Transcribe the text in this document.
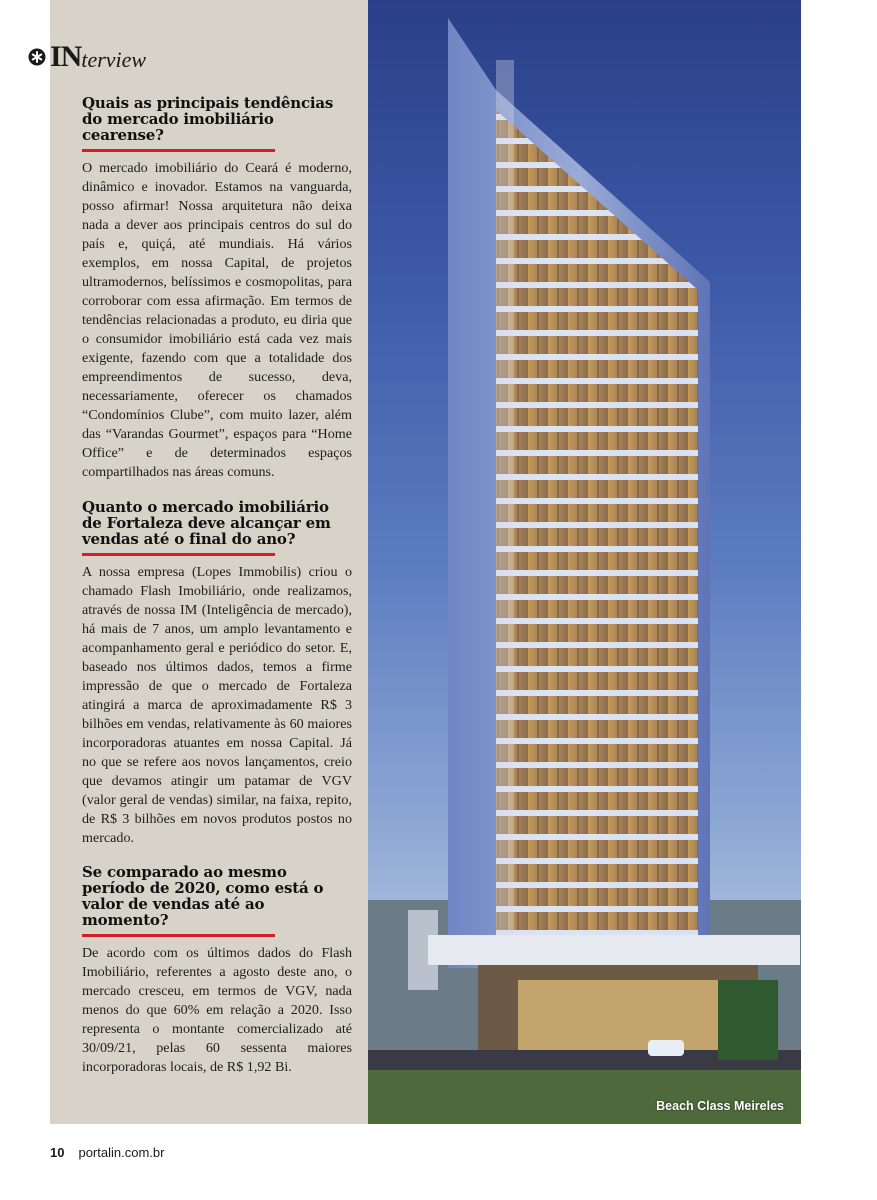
IN terview
Quais as principais tendências do mercado imobiliário cearense?

O mercado imobiliário do Ceará é moderno, dinâmico e inovador. Estamos na vanguarda, posso afirmar! Nossa arquitetura não deixa nada a dever aos principais centros do sul do país e, quiçá, até mundiais. Há vários exemplos, em nossa Capital, de projetos ultramodernos, belíssimos e cosmopolitas, para corroborar com essa afirmação. Em termos de tendências relacionadas a produto, eu diria que o consumidor imobiliário está cada vez mais exigente, fazendo com que a totalidade dos empreendimentos de sucesso, deva, necessariamente, oferecer os chamados “Condomínios Clube”, com muito lazer, além das “Varandas Gourmet”, espaços para “Home Office” e de determinados espaços compartilhados nas áreas comuns.

Quanto o mercado imobiliário de Fortaleza deve alcançar em vendas até o final do ano?

A nossa empresa (Lopes Immobilis) criou o chamado Flash Imobiliário, onde realizamos, através de nossa IM (Inteligência de mercado), há mais de 7 anos, um amplo levantamento e acompanhamento geral e periódico do setor. E, baseado nos últimos dados, temos a firme impressão de que o mercado de Fortaleza atingirá a marca de aproximadamente R$ 3 bilhões em vendas, relativamente às 60 maiores incorporadoras atuantes em nossa Capital. Já no que se refere aos novos lançamentos, creio que devamos atingir um patamar de VGV (valor geral de vendas) similar, na faixa, repito, de R$ 3 bilhões em novos produtos postos no mercado.

Se comparado ao mesmo período de 2020, como está o valor de vendas até ao momento?

De acordo com os últimos dados do Flash Imobiliário, referentes a agosto deste ano, o mercado cresceu, em termos de VGV, nada menos do que 60% em relação a 2020. Isso representa o montante comercializado até 30/09/21, pelas 60 sessenta maiores incorporadoras locais, de R$ 1,92 Bi.

Beach Class Meireles
10 portalin.com.br
